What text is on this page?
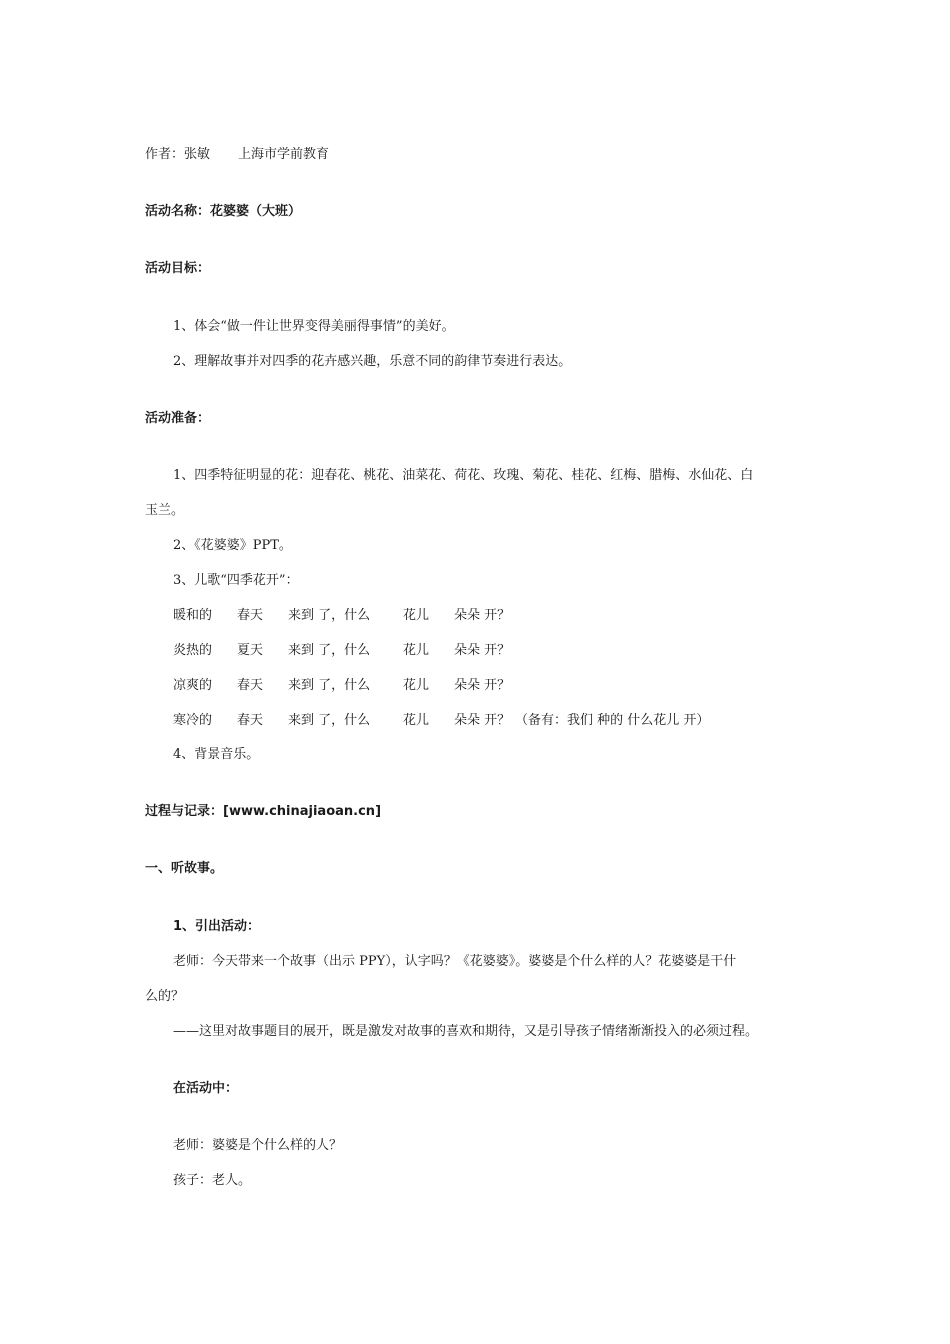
作者：张敏 上海市学前教育
活动名称：花婆婆（大班）
活动目标：
1、体会“做一件让世界变得美丽得事情”的美好。
2、理解故事并对四季的花卉感兴趣，乐意不同的韵律节奏进行表达。
活动准备：
1、四季特征明显的花：迎春花、桃花、油菜花、荷花、玫瑰、菊花、桂花、红梅、腊梅、水仙花、白
玉兰。
2、《花婆婆》PPT。
3、儿歌“四季花开”：
暖和的 春天 来到 了，什么	花儿 朵朵 开？
炎热的 夏天 来到 了，什么	花儿 朵朵 开？
凉爽的 春天 来到 了，什么	花儿 朵朵 开？
寒冷的 春天 来到 了，什么	花儿 朵朵 开？ （备有：我们 种的 什么花儿 开）
4、背景音乐。
过程与记录：[www.chinajiaoan.cn]
一、听故事。
1、引出活动：
老师：今天带来一个故事（出示 PPY），认字吗？《花婆婆》。婆婆是个什么样的人？花婆婆是干什
么的？
——这里对故事题目的展开，既是激发对故事的喜欢和期待，又是引导孩子情绪渐渐投入的必须过程。
在活动中：
老师：婆婆是个什么样的人？
孩子：老人。
